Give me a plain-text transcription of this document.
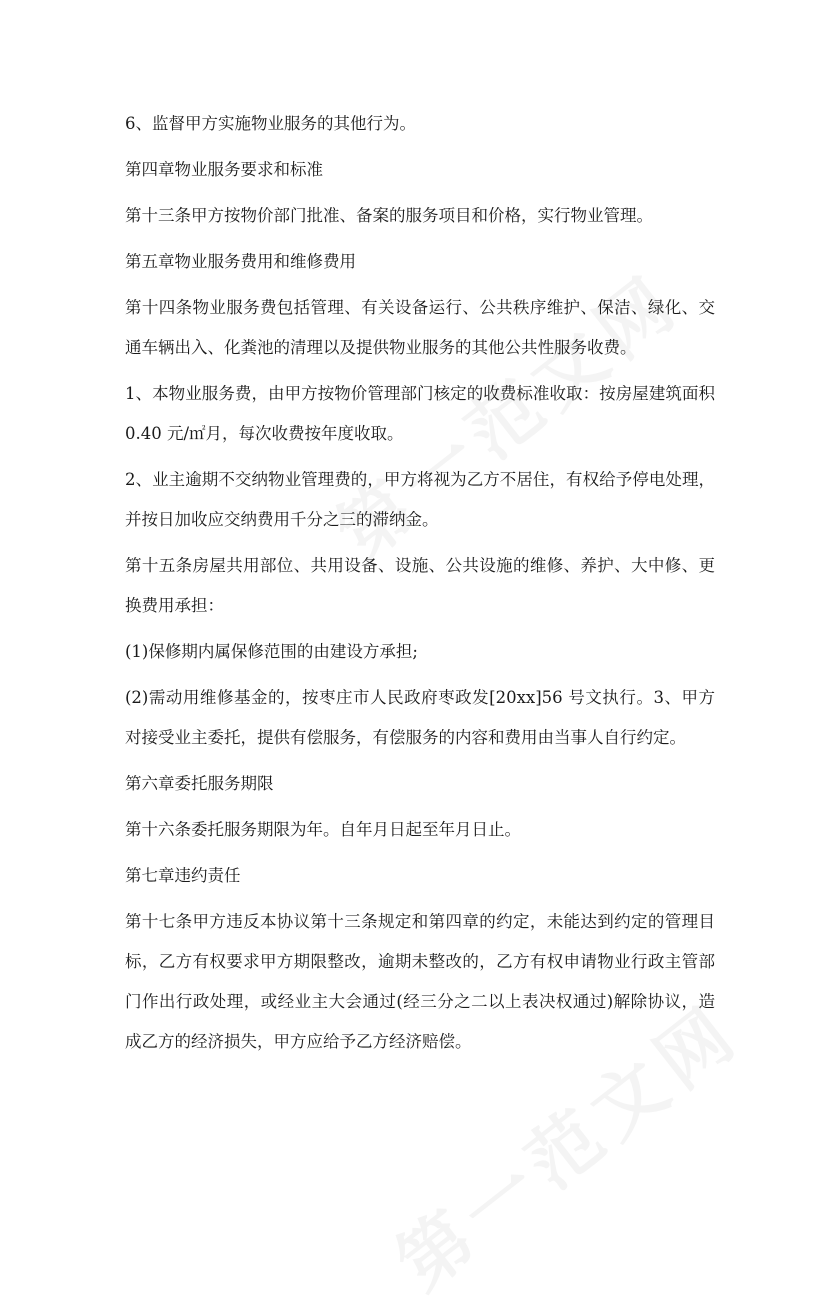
6、监督甲方实施物业服务的其他行为。

第四章物业服务要求和标准

第十三条甲方按物价部门批准、备案的服务项目和价格，实行物业管理。

第五章物业服务费用和维修费用

第十四条物业服务费包括管理、有关设备运行、公共秩序维护、保洁、绿化、交通车辆出入、化粪池的清理以及提供物业服务的其他公共性服务收费。

1、本物业服务费，由甲方按物价管理部门核定的收费标准收取：按房屋建筑面积 0.40 元/㎡月，每次收费按年度收取。

2、业主逾期不交纳物业管理费的，甲方将视为乙方不居住，有权给予停电处理，并按日加收应交纳费用千分之三的滞纳金。

第十五条房屋共用部位、共用设备、设施、公共设施的维修、养护、大中修、更换费用承担：

(1)保修期内属保修范围的由建设方承担;

(2)需动用维修基金的，按枣庄市人民政府枣政发[20xx]56 号文执行。3、甲方对接受业主委托，提供有偿服务，有偿服务的内容和费用由当事人自行约定。

第六章委托服务期限

第十六条委托服务期限为年。自年月日起至年月日止。

第七章违约责任

第十七条甲方违反本协议第十三条规定和第四章的约定，未能达到约定的管理目标，乙方有权要求甲方期限整改，逾期未整改的，乙方有权申请物业行政主管部门作出行政处理，或经业主大会通过(经三分之二以上表决权通过)解除协议，造成乙方的经济损失，甲方应给予乙方经济赔偿。
